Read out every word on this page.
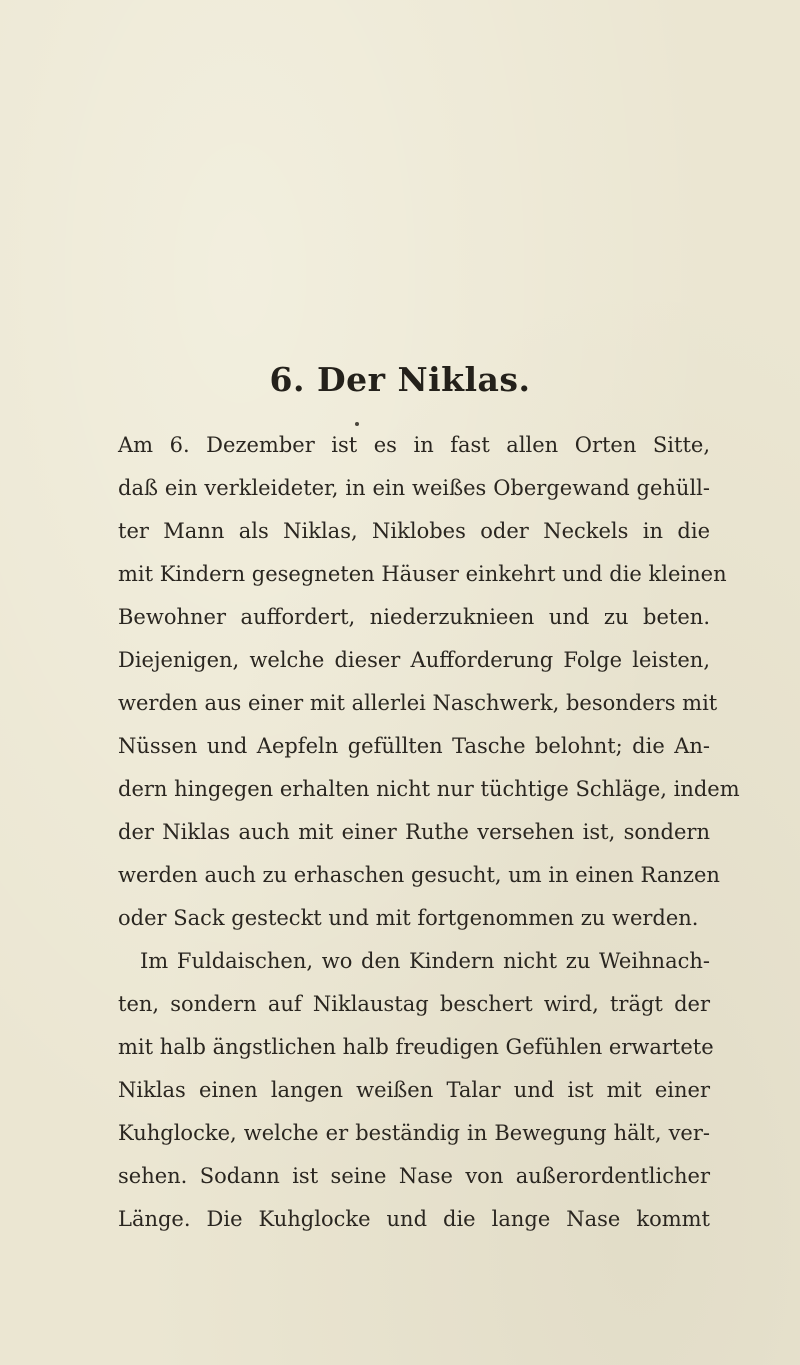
6. Der Niklas.
Am 6. Dezember ist es in fast allen Orten Sitte,
daß ein verkleideter, in ein weißes Obergewand gehüll-
ter Mann als Niklas, Niklobes oder Neckels in die
mit Kindern gesegneten Häuser einkehrt und die kleinen
Bewohner auffordert, niederzuknieen und zu beten.
Diejenigen, welche dieser Aufforderung Folge leisten,
werden aus einer mit allerlei Naschwerk, besonders mit
Nüssen und Aepfeln gefüllten Tasche belohnt; die An-
dern hingegen erhalten nicht nur tüchtige Schläge, indem
der Niklas auch mit einer Ruthe versehen ist, sondern
werden auch zu erhaschen gesucht, um in einen Ranzen
oder Sack gesteckt und mit fortgenommen zu werden.
Im Fuldaischen, wo den Kindern nicht zu Weihnach-
ten, sondern auf Niklaustag beschert wird, trägt der
mit halb ängstlichen halb freudigen Gefühlen erwartete
Niklas einen langen weißen Talar und ist mit einer
Kuhglocke, welche er beständig in Bewegung hält, ver-
sehen. Sodann ist seine Nase von außerordentlicher
Länge. Die Kuhglocke und die lange Nase kommt
